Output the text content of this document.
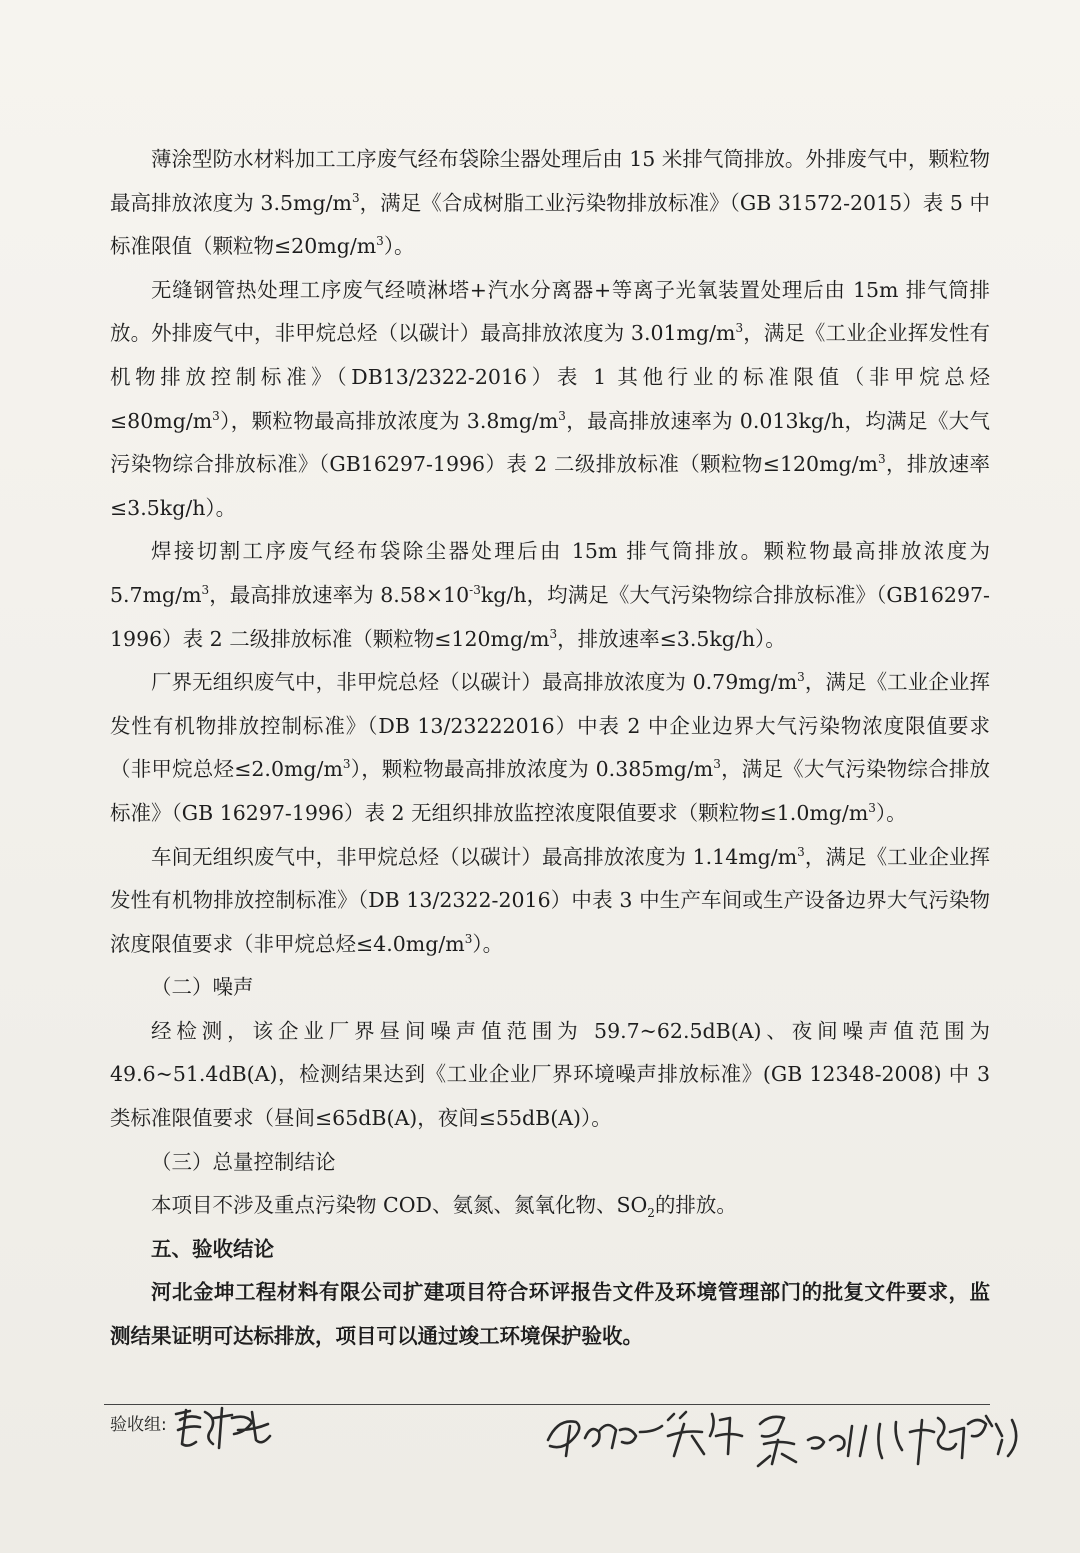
薄涂型防水材料加工工序废气经布袋除尘器处理后由 15 米排气筒排放。外排废气中，颗粒物最高排放浓度为 $3.5mg/m^3$，满足《合成树脂工业污染物排放标准》（GB 31572-2015）表 5 中标准限值（颗粒物$\le 20mg/m^3$）。

无缝钢管热处理工序废气经喷淋塔+汽水分离器+等离子光氧装置处理后由 15m 排气筒排放。外排废气中，非甲烷总烃（以碳计）最高排放浓度为 $3.01mg/m^3$，满足《工业企业挥发性有机物排放控制标准》（DB13/2322-2016）表 1 其他行业的标准限值（非甲烷总烃$\le 80mg/m^3$），颗粒物最高排放浓度为 $3.8mg/m^3$，最高排放速率为 0.013kg/h，均满足《大气污染物综合排放标准》（GB16297-1996）表 2 二级排放标准（颗粒物$\le 120mg/m^3$，排放速率≤3.5kg/h）。

焊接切割工序废气经布袋除尘器处理后由 15m 排气筒排放。颗粒物最高排放浓度为 $5.7mg/m^3$，最高排放速率为 $8.58\times 10^{-3}kg/h$，均满足《大气污染物综合排放标准》（GB16297-1996）表 2 二级排放标准（颗粒物$\le 120mg/m^3$，排放速率≤3.5kg/h）。

厂界无组织废气中，非甲烷总烃（以碳计）最高排放浓度为 $0.79mg/m^3$，满足《工业企业挥发性有机物排放控制标准》（DB 13/23222016）中表 2 中企业边界大气污染物浓度限值要求（非甲烷总烃$\le 2.0mg/m^3$），颗粒物最高排放浓度为 $0.385mg/m^3$，满足《大气污染物综合排放标准》（GB 16297-1996）表 2 无组织排放监控浓度限值要求（颗粒物$\le 1.0mg/m^3$）。

车间无组织废气中，非甲烷总烃（以碳计）最高排放浓度为 $1.14mg/m^3$，满足《工业企业挥发性有机物排放控制标准》（DB 13/2322-2016）中表 3 中生产车间或生产设备边界大气污染物浓度限值要求（非甲烷总烃$\le 4.0mg/m^3$）。

（二）噪声

经检测，该企业厂界昼间噪声值范围为 59.7~62.5dB(A)、夜间噪声值范围为 49.6~51.4dB(A)，检测结果达到《工业企业厂界环境噪声排放标准》(GB 12348-2008) 中 3 类标准限值要求（昼间≤65dB(A)，夜间≤55dB(A)）。

（三）总量控制结论

本项目不涉及重点污染物 COD、氨氮、氮氧化物、$SO_2$的排放。

五、验收结论

河北金坤工程材料有限公司扩建项目符合环评报告文件及环境管理部门的批复文件要求，监测结果证明可达标排放，项目可以通过竣工环境保护验收。

验收组:
